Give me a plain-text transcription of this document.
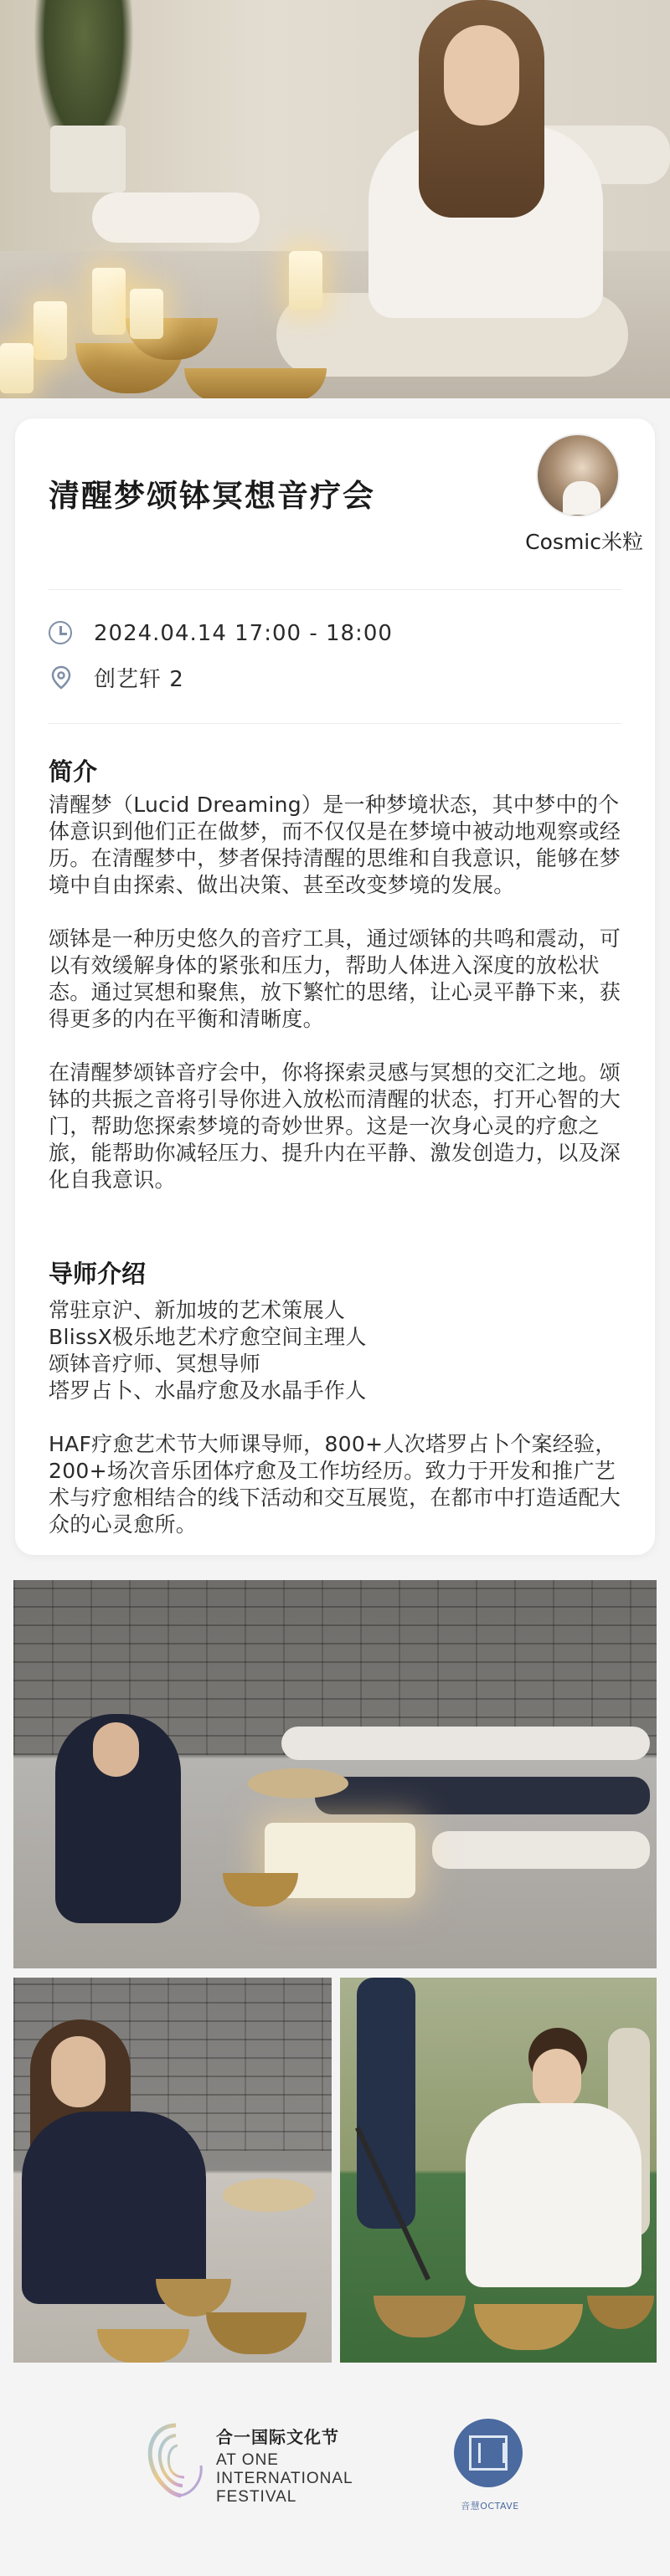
清醒梦颂钵冥想音疗会
Cosmic米粒
2024.04.14 17:00 - 18:00
创艺轩 2
简介

清醒梦（Lucid Dreaming）是一种梦境状态，其中梦中的个体意识到他们正在做梦，而不仅仅是在梦境中被动地观察或经历。在清醒梦中，梦者保持清醒的思维和自我意识，能够在梦境中自由探索、做出决策、甚至改变梦境的发展。

颂钵是一种历史悠久的音疗工具，通过颂钵的共鸣和震动，可以有效缓解身体的紧张和压力，帮助人体进入深度的放松状态。通过冥想和聚焦，放下繁忙的思绪，让心灵平静下来，获得更多的内在平衡和清晰度。

在清醒梦颂钵音疗会中，你将探索灵感与冥想的交汇之地。颂钵的共振之音将引导你进入放松而清醒的状态，打开心智的大门，帮助您探索梦境的奇妙世界。这是一次身心灵的疗愈之旅，能帮助你减轻压力、提升内在平静、激发创造力，以及深化自我意识。

导师介绍

常驻京沪、新加坡的艺术策展人

BlissX极乐地艺术疗愈空间主理人

颂钵音疗师、冥想导师

塔罗占卜、水晶疗愈及水晶手作人

HAF疗愈艺术节大师课导师，800+人次塔罗占卜个案经验，200+场次音乐团体疗愈及工作坊经历。致力于开发和推广艺术与疗愈相结合的线下活动和交互展览，在都市中打造适配大众的心灵愈所。

合一国际文化节
AT ONE
INTERNATIONAL
FESTIVAL
音慧OCTAVE
